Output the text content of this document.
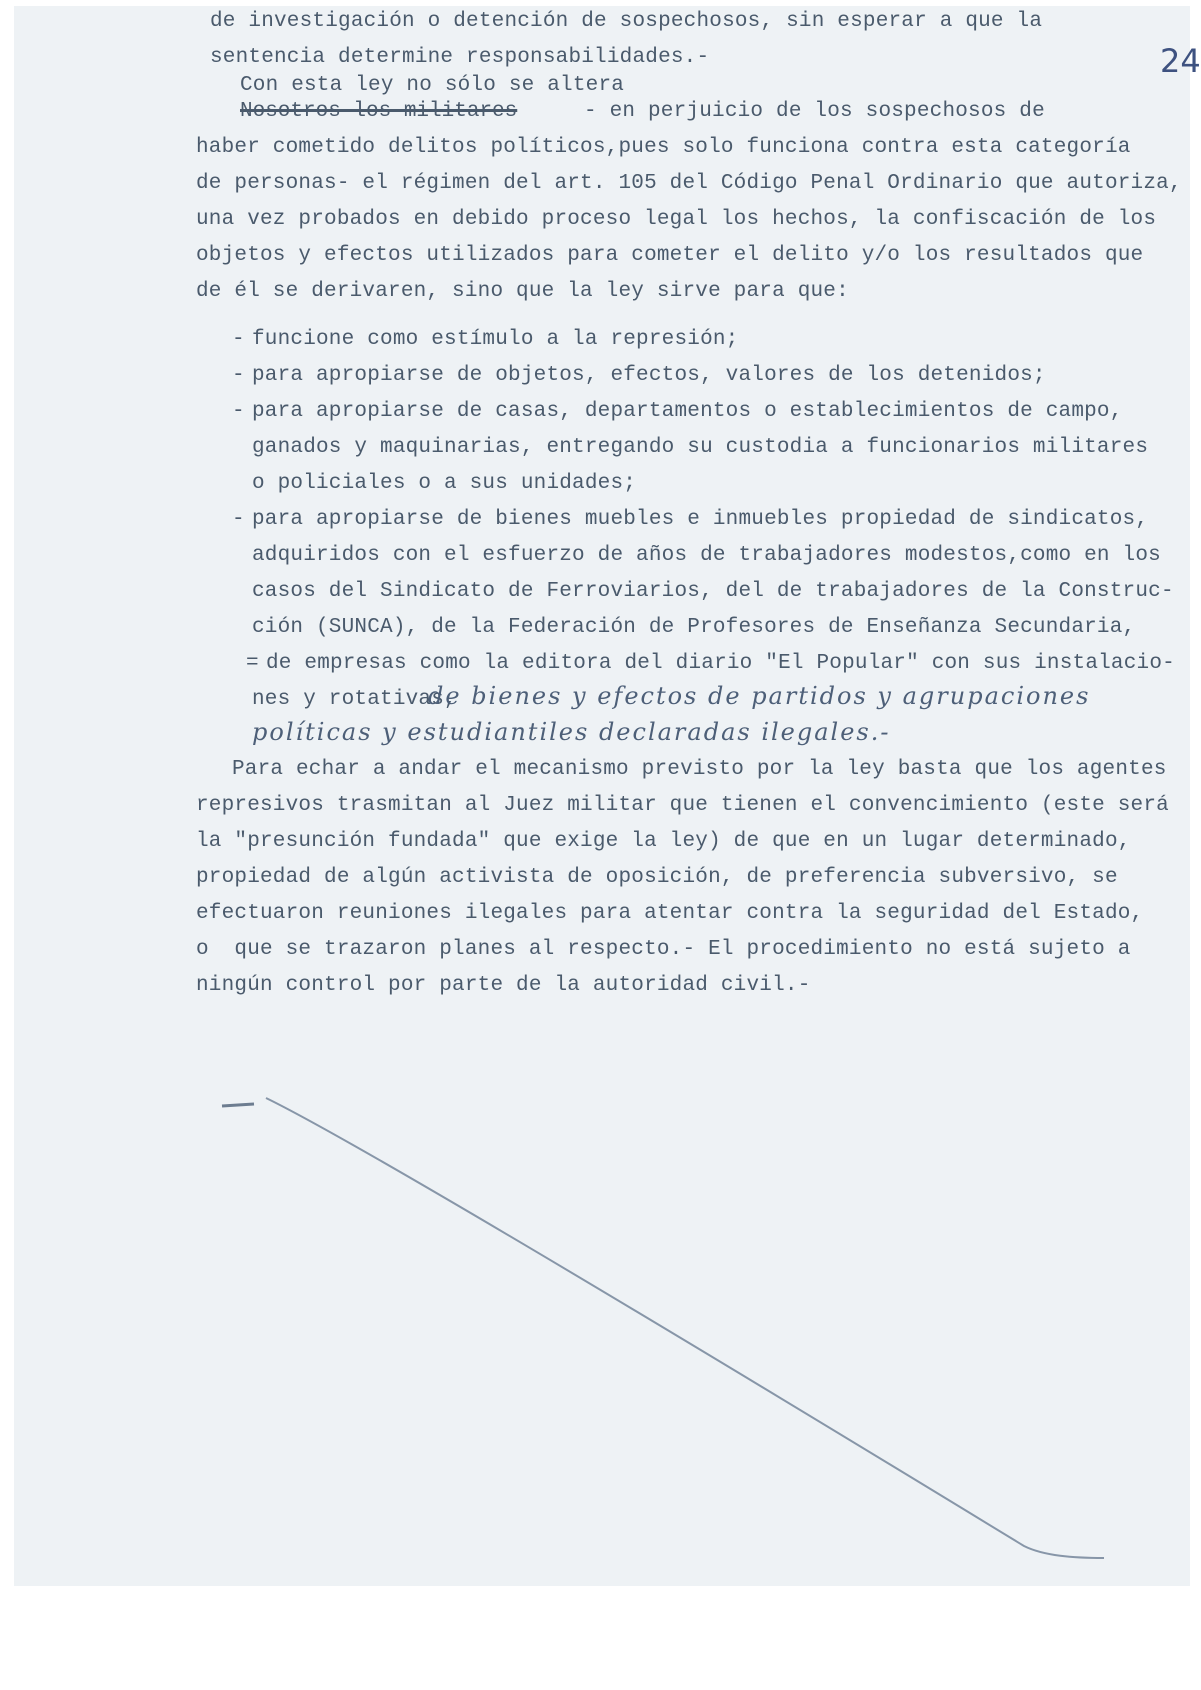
24
de investigación o detención de sospechosos, sin esperar a que la
sentencia determine responsabilidades.-
Con esta ley no sólo se altera
Nosotros los militares	- en perjuicio de los sospechosos de
haber cometido delitos políticos,pues solo funciona contra esta categoría
de personas- el régimen del art. 105 del Código Penal Ordinario que autoriza,
una vez probados en debido proceso legal los hechos, la confiscación de los
objetos y efectos utilizados para cometer el delito y/o los resultados que
de él se derivaren, sino que la ley sirve para que:
- funcione como estímulo a la represión;
- para apropiarse de objetos, efectos, valores de los detenidos;
- para apropiarse de casas, departamentos o establecimientos de campo,
ganados y maquinarias, entregando su custodia a funcionarios militares
o policiales o a sus unidades;
- para apropiarse de bienes muebles e inmuebles propiedad de sindicatos,
adquiridos con el esfuerzo de años de trabajadores modestos,como en los
casos del Sindicato de Ferroviarios, del de trabajadores de la Construc-
ción (SUNCA), de la Federación de Profesores de Enseñanza Secundaria,
= de empresas como la editora del diario "El Popular" con sus instalacio-
nes y rotativas,
de bienes y efectos de partidos y agrupaciones
políticas y estudiantiles declaradas ilegales.-
Para echar a andar el mecanismo previsto por la ley basta que los agentes
represivos trasmitan al Juez militar que tienen el convencimiento (este será
la "presunción fundada" que exige la ley) de que en un lugar determinado,
propiedad de algún activista de oposición, de preferencia subversivo, se
efectuaron reuniones ilegales para atentar contra la seguridad del Estado,
o  que se trazaron planes al respecto.- El procedimiento no está sujeto a
ningún control por parte de la autoridad civil.-
